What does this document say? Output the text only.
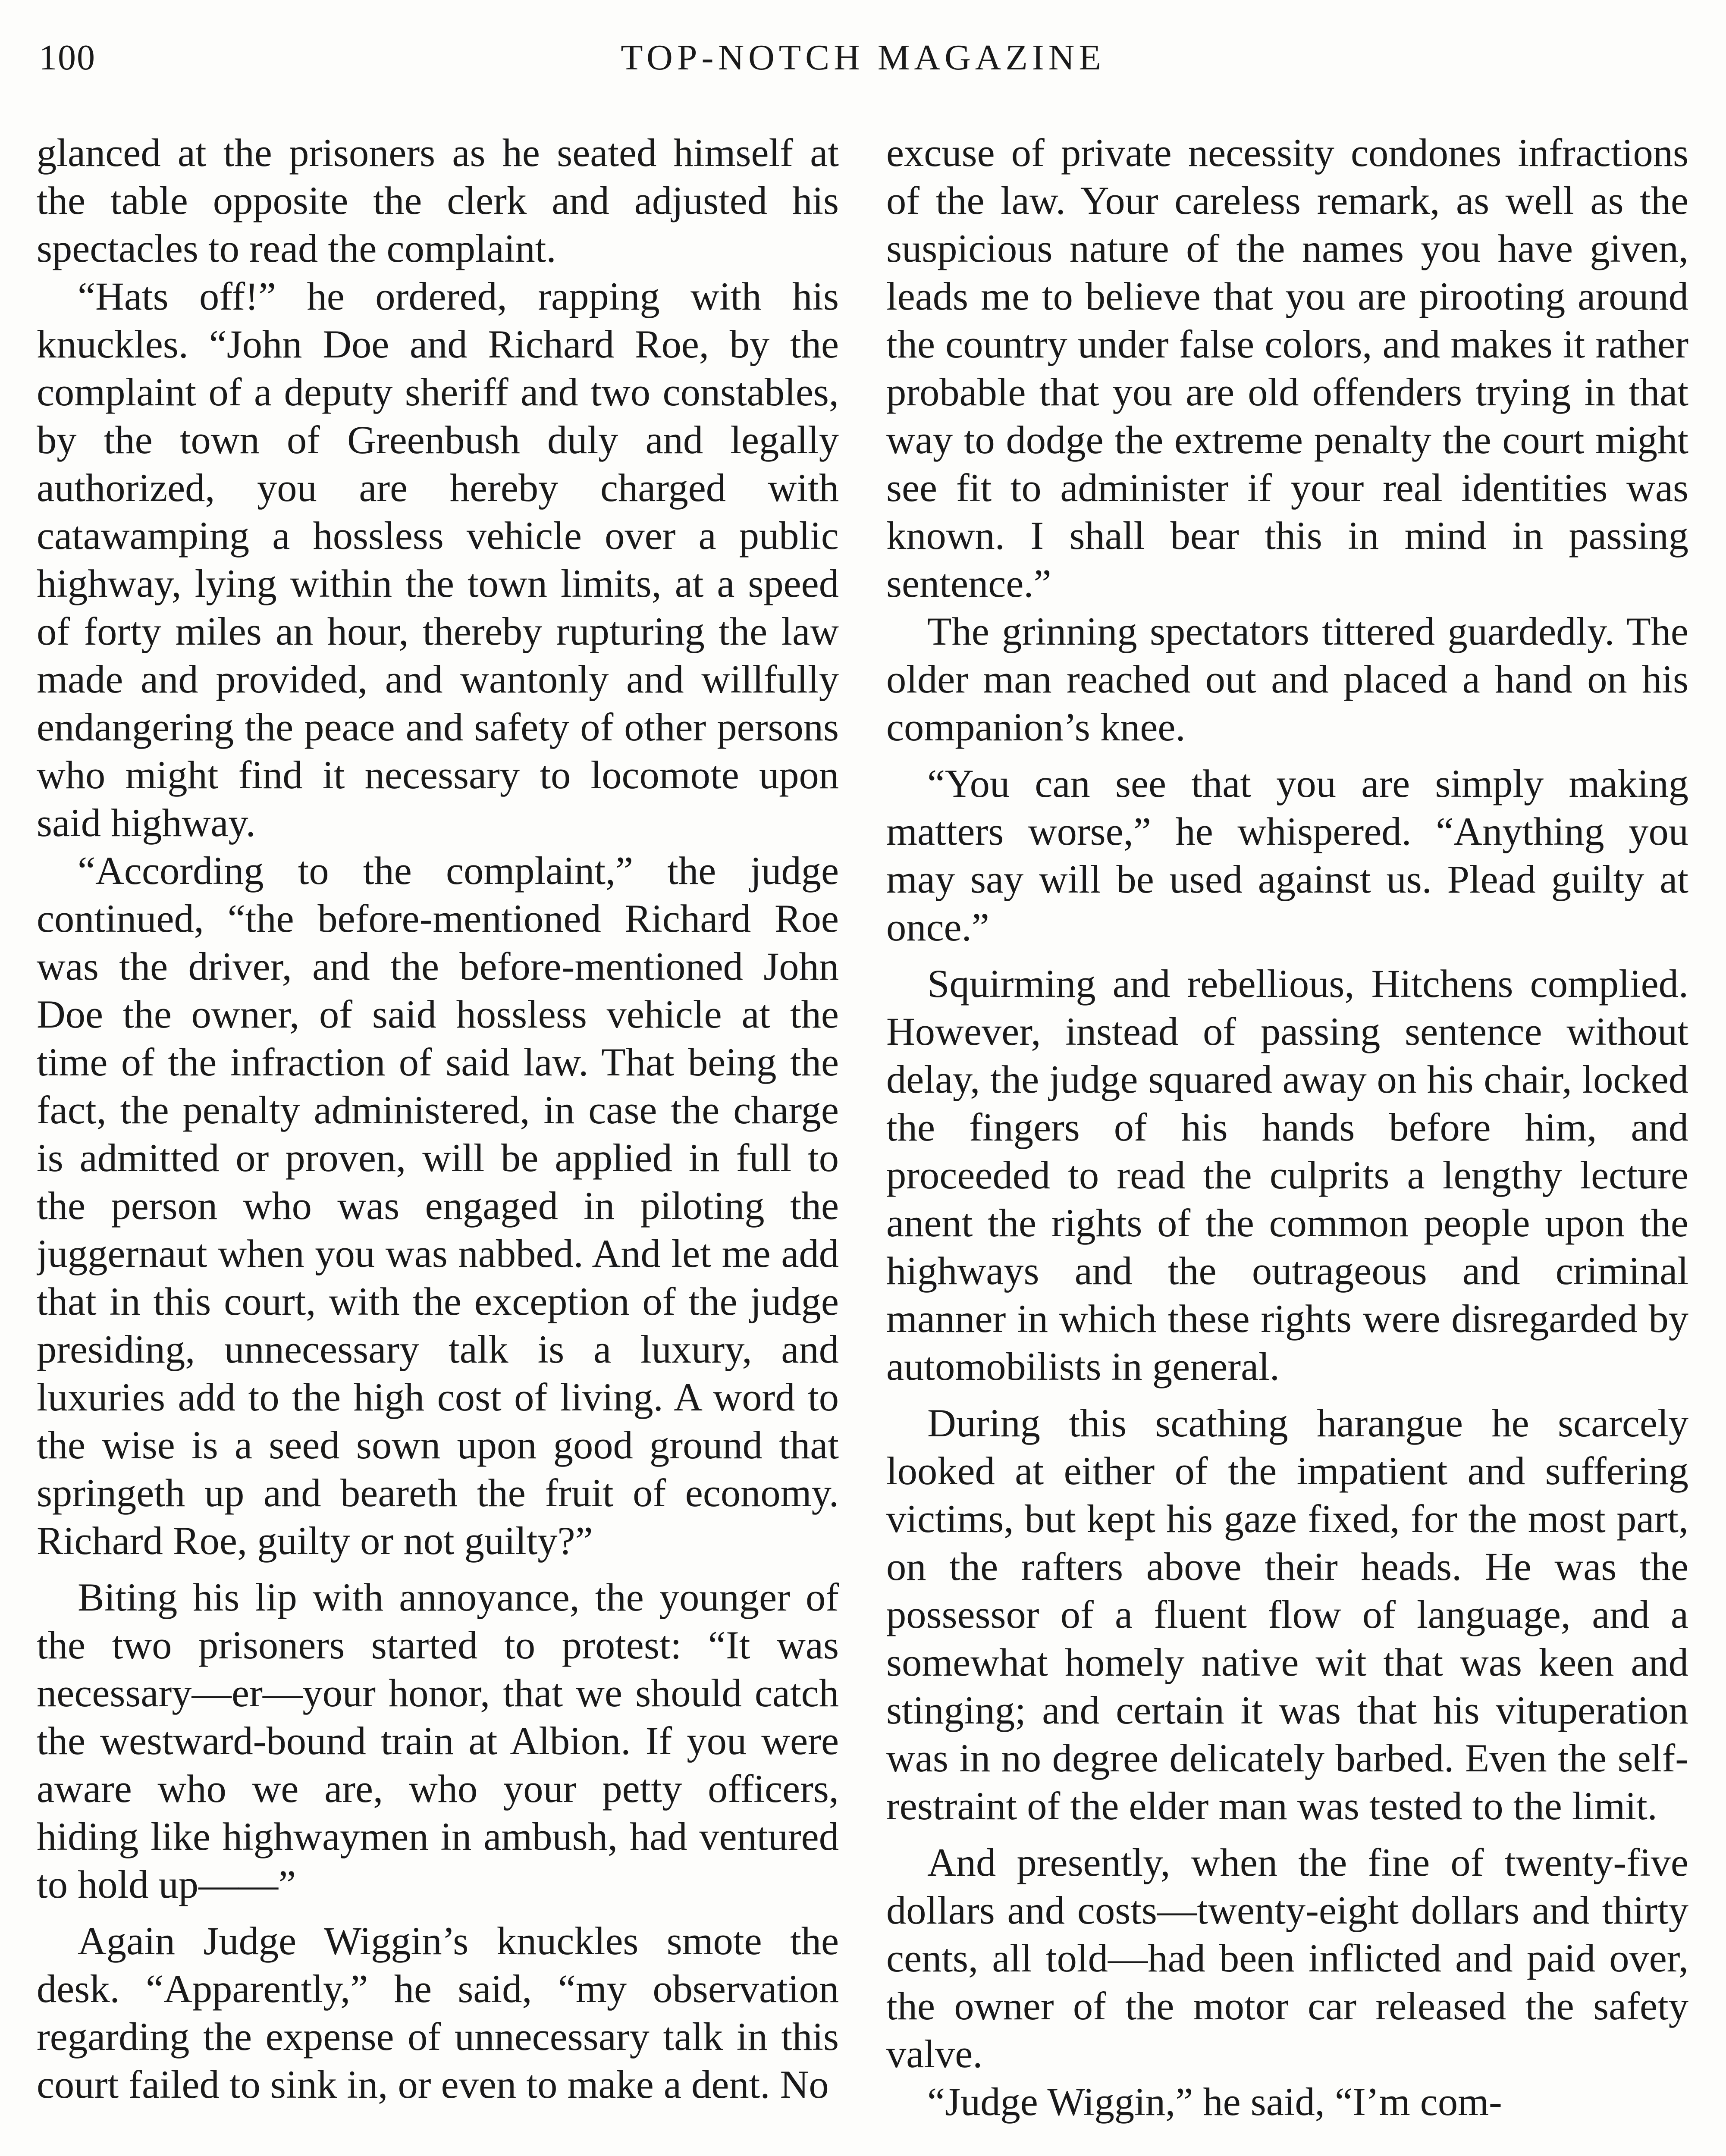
100	TOP-NOTCH MAGAZINE

glanced at the prisoners as he seated himself at the table opposite the clerk and adjusted his spectacles to read the complaint.

“Hats off!” he ordered, rapping with his knuckles. “John Doe and Richard Roe, by the complaint of a deputy sheriff and two constables, by the town of Greenbush duly and legally authorized, you are hereby charged with catawamping a hossless vehicle over a public highway, lying within the town limits, at a speed of forty miles an hour, thereby rupturing the law made and provided, and wantonly and willfully endangering the peace and safety of other persons who might find it necessary to locomote upon said highway.

“According to the complaint,” the judge continued, “the before-mentioned Richard Roe was the driver, and the before-mentioned John Doe the owner, of said hossless vehicle at the time of the infraction of said law. That being the fact, the penalty administered, in case the charge is admitted or proven, will be applied in full to the person who was engaged in piloting the juggernaut when you was nabbed. And let me add that in this court, with the exception of the judge presiding, unnecessary talk is a luxury, and luxuries add to the high cost of living. A word to the wise is a seed sown upon good ground that springeth up and beareth the fruit of economy. Richard Roe, guilty or not guilty?”

Biting his lip with annoyance, the younger of the two prisoners started to protest: “It was necessary—er—your honor, that we should catch the westward-bound train at Albion. If you were aware who we are, who your petty officers, hiding like highwaymen in ambush, had ventured to hold up——”

Again Judge Wiggin’s knuckles smote the desk. “Apparently,” he said, “my observation regarding the expense of unnecessary talk in this court failed to sink in, or even to make a dent. No

excuse of private necessity condones infractions of the law. Your careless remark, as well as the suspicious nature of the names you have given, leads me to believe that you are pirooting around the country under false colors, and makes it rather probable that you are old offenders trying in that way to dodge the extreme penalty the court might see fit to administer if your real identities was known. I shall bear this in mind in passing sentence.”

The grinning spectators tittered guardedly. The older man reached out and placed a hand on his companion’s knee.

“You can see that you are simply making matters worse,” he whispered. “Anything you may say will be used against us. Plead guilty at once.”

Squirming and rebellious, Hitchens complied. However, instead of passing sentence without delay, the judge squared away on his chair, locked the fingers of his hands before him, and proceeded to read the culprits a lengthy lecture anent the rights of the common people upon the highways and the outrageous and criminal manner in which these rights were disregarded by automobilists in general.

During this scathing harangue he scarcely looked at either of the impatient and suffering victims, but kept his gaze fixed, for the most part, on the rafters above their heads. He was the possessor of a fluent flow of language, and a somewhat homely native wit that was keen and stinging; and certain it was that his vituperation was in no degree delicately barbed. Even the self-restraint of the elder man was tested to the limit.

And presently, when the fine of twenty-five dollars and costs—twenty-eight dollars and thirty cents, all told—had been inflicted and paid over, the owner of the motor car released the safety valve.

“Judge Wiggin,” he said, “I’m com-
